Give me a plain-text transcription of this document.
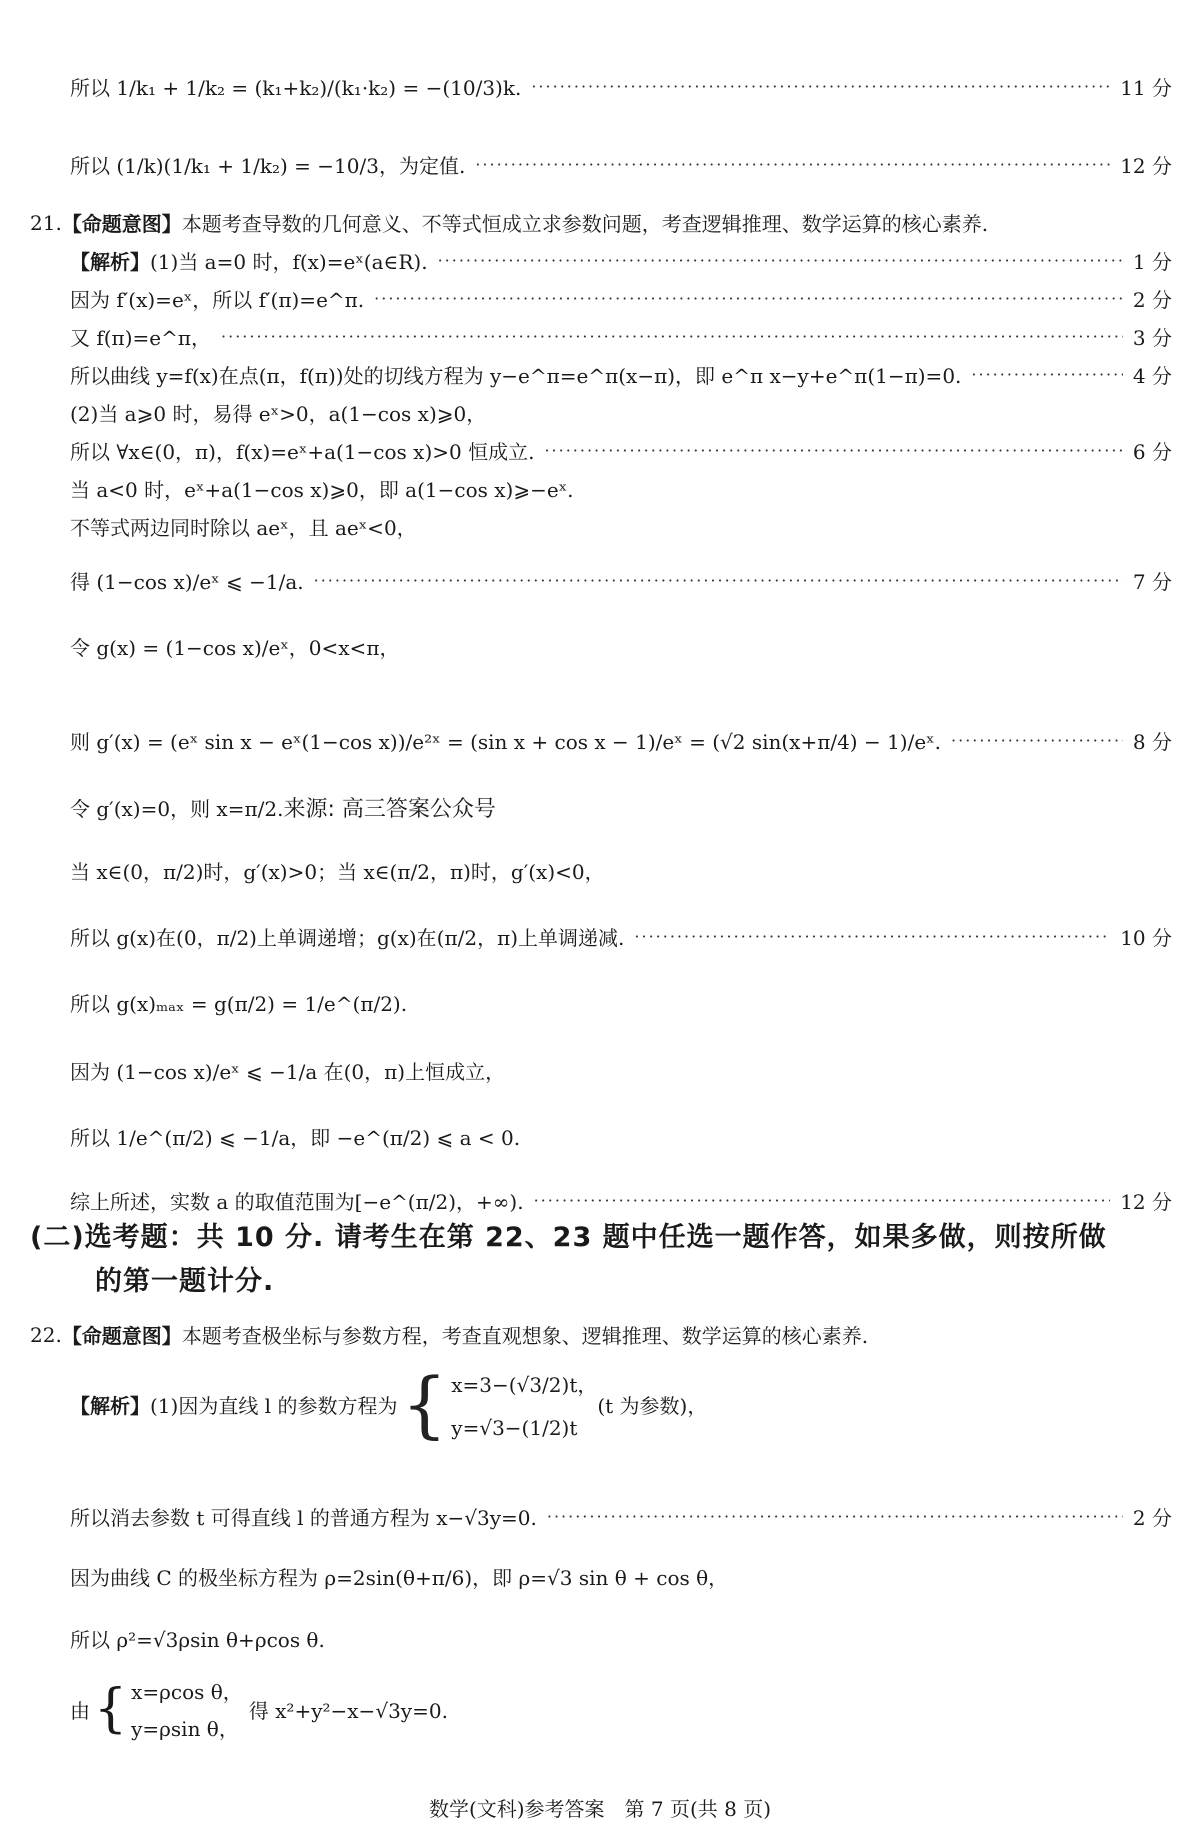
所以 1/k₁ + 1/k₂ = (k₁+k₂)/(k₁·k₂) = −(10/3)k. ·····	11 分
所以 (1/k)(1/k₁ + 1/k₂) = −10/3，为定值. ·····	12 分
21. 【命题意图】 本题考查导数的几何意义、不等式恒成立求参数问题，考查逻辑推理、数学运算的核心素养.
【解析】 (1)当 a=0 时，f(x)=eˣ(a∈R). ·····	1 分
因为 f′(x)=eˣ，所以 f′(π)=e^π. ·····	2 分
又 f(π)=e^π， ·····	3 分
所以曲线 y=f(x)在点(π，f(π))处的切线方程为 y−e^π=e^π(x−π)，即 e^π x−y+e^π(1−π)=0. ·····	4 分
(2)当 a⩾0 时，易得 eˣ>0，a(1−cos x)⩾0，
所以 ∀x∈(0，π)，f(x)=eˣ+a(1−cos x)>0 恒成立. ·····	6 分
当 a<0 时，eˣ+a(1−cos x)⩾0，即 a(1−cos x)⩾−eˣ.
不等式两边同时除以 aeˣ，且 aeˣ<0，
得 (1−cos x)/eˣ ⩽ −1/a. ·····	7 分
令 g(x) = (1−cos x)/eˣ，0<x<π，
则 g′(x) = (eˣ sin x − eˣ(1−cos x))/e²ˣ = (sin x + cos x − 1)/eˣ = (√2 sin(x+π/4) − 1)/eˣ. ·····	8 分
令 g′(x)=0，则 x=π/2. 来源: 高三答案公众号
当 x∈(0，π/2)时，g′(x)>0；当 x∈(π/2，π)时，g′(x)<0，
所以 g(x)在(0，π/2)上单调递增；g(x)在(π/2，π)上单调递减. ·····	10 分
所以 g(x)ₘₐₓ = g(π/2) = 1/e^(π/2).
因为 (1−cos x)/eˣ ⩽ −1/a 在(0，π)上恒成立，
所以 1/e^(π/2) ⩽ −1/a，即 −e^(π/2) ⩽ a < 0.
综上所述，实数 a 的取值范围为[−e^(π/2)，+∞). ·····	12 分
(二)选考题：共 10 分. 请考生在第 22、23 题中任选一题作答，如果多做，则按所做
的第一题计分.
22. 【命题意图】 本题考查极坐标与参数方程，考查直观想象、逻辑推理、数学运算的核心素养.
【解析】 (1)因为直线 l 的参数方程为 { x=3−(√3/2)t，
y=√3−(1/2)t
(t 为参数)，
所以消去参数 t 可得直线 l 的普通方程为 x−√3y=0. ·····	2 分
因为曲线 C 的极坐标方程为 ρ=2sin(θ+π/6)，即 ρ=√3 sin θ + cos θ，
所以 ρ²=√3ρsin θ+ρcos θ.
由 { x=ρcos θ，
y=ρsin θ，
得 x²+y²−x−√3y=0.
数学(文科)参考答案　第 7 页(共 8 页)
